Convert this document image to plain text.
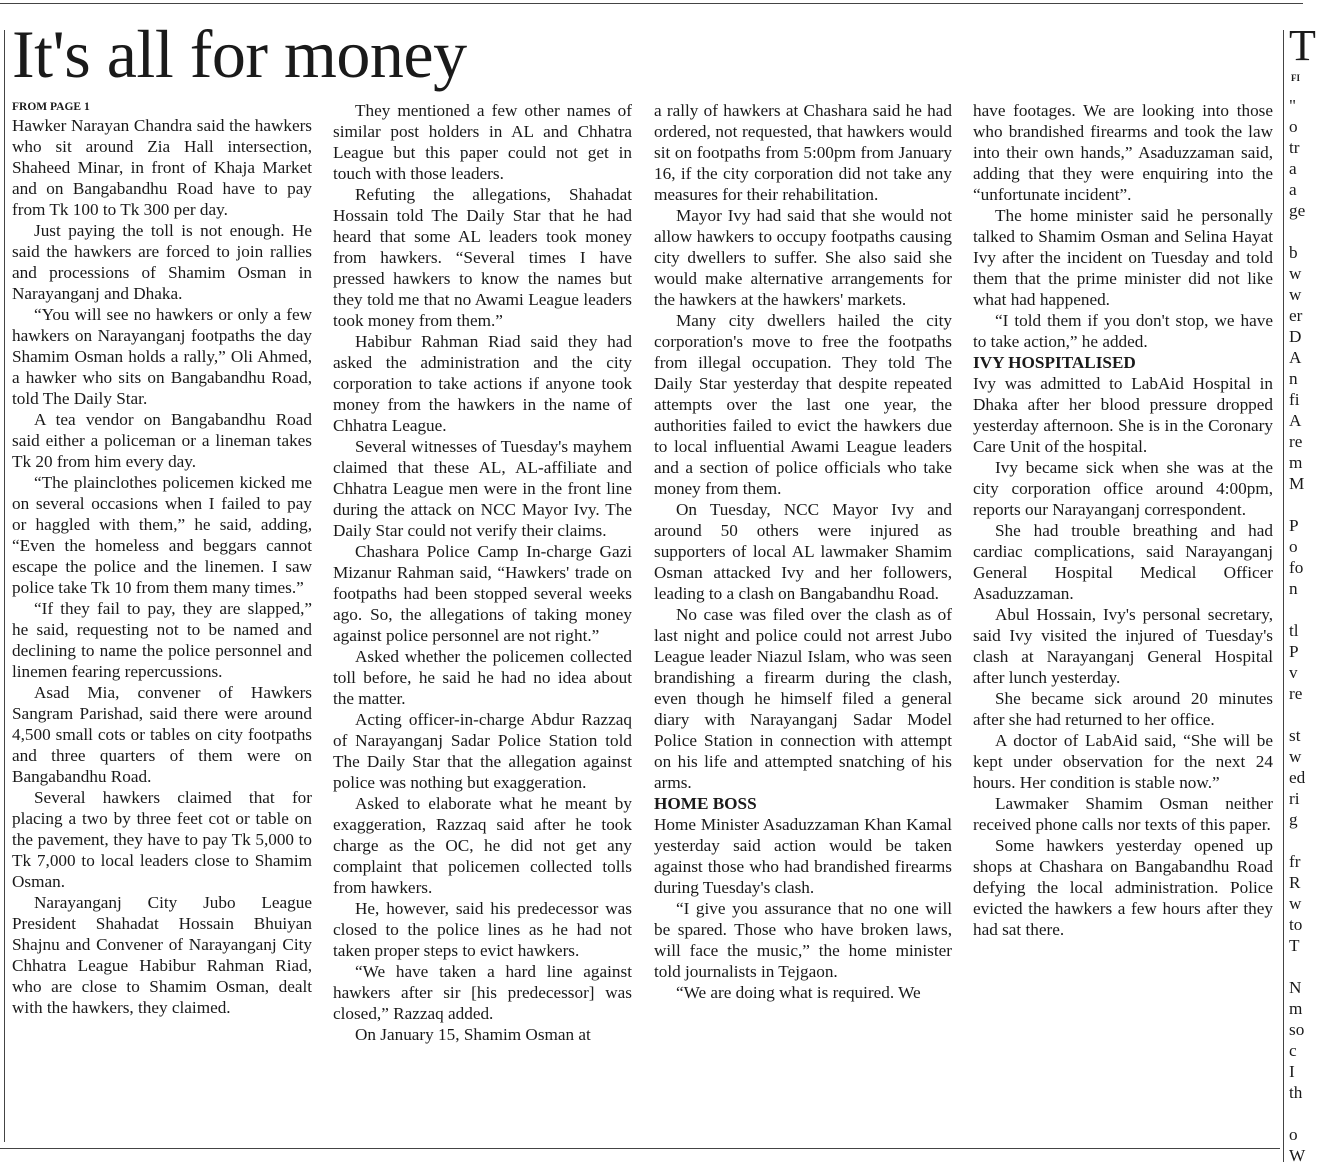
It's all for money
FROM PAGE 1

Hawker Narayan Chandra said the hawkers who sit around Zia Hall intersection, Shaheed Minar, in front of Khaja Market and on Bangabandhu Road have to pay from Tk 100 to Tk 300 per day.

Just paying the toll is not enough. He said the hawkers are forced to join rallies and processions of Shamim Osman in Narayanganj and Dhaka.

“You will see no hawkers or only a few hawkers on Narayanganj footpaths the day Shamim Osman holds a rally,” Oli Ahmed, a hawker who sits on Bangabandhu Road, told The Daily Star.

A tea vendor on Bangabandhu Road said either a policeman or a lineman takes Tk 20 from him every day.

“The plainclothes policemen kicked me on several occasions when I failed to pay or haggled with them,” he said, adding, “Even the homeless and beggars cannot escape the police and the linemen. I saw police take Tk 10 from them many times.”

“If they fail to pay, they are slapped,” he said, requesting not to be named and declining to name the police personnel and linemen fearing repercussions.

Asad Mia, convener of Hawkers Sangram Parishad, said there were around 4,500 small cots or tables on city footpaths and three quarters of them were on Bangabandhu Road.

Several hawkers claimed that for placing a two by three feet cot or table on the pavement, they have to pay Tk 5,000 to Tk 7,000 to local leaders close to Shamim Osman.

Narayanganj City Jubo League President Shahadat Hossain Bhuiyan Shajnu and Convener of Narayanganj City Chhatra League Habibur Rahman Riad, who are close to Shamim Osman, dealt with the hawkers, they claimed.

They mentioned a few other names of similar post holders in AL and Chhatra League but this paper could not get in touch with those leaders.

Refuting the allegations, Shahadat Hossain told The Daily Star that he had heard that some AL leaders took money from hawkers. “Several times I have pressed hawkers to know the names but they told me that no Awami League leaders took money from them.”

Habibur Rahman Riad said they had asked the administration and the city corporation to take actions if anyone took money from the hawkers in the name of Chhatra League.

Several witnesses of Tuesday's mayhem claimed that these AL, AL-affiliate and Chhatra League men were in the front line during the attack on NCC Mayor Ivy. The Daily Star could not verify their claims.

Chashara Police Camp In-charge Gazi Mizanur Rahman said, “Hawkers' trade on footpaths had been stopped several weeks ago. So, the allegations of taking money against police personnel are not right.”

Asked whether the policemen collected toll before, he said he had no idea about the matter.

Acting officer-in-charge Abdur Razzaq of Narayanganj Sadar Police Station told The Daily Star that the allegation against police was nothing but exaggeration.

Asked to elaborate what he meant by exaggeration, Razzaq said after he took charge as the OC, he did not get any complaint that policemen collected tolls from hawkers.

He, however, said his predecessor was closed to the police lines as he had not taken proper steps to evict hawkers.

“We have taken a hard line against hawkers after sir [his predecessor] was closed,” Razzaq added.

On January 15, Shamim Osman at

a rally of hawkers at Chashara said he had ordered, not requested, that hawkers would sit on footpaths from 5:00pm from January 16, if the city corporation did not take any measures for their rehabilitation.

Mayor Ivy had said that she would not allow hawkers to occupy footpaths causing city dwellers to suffer. She also said she would make alternative arrangements for the hawkers at the hawkers' markets.

Many city dwellers hailed the city corporation's move to free the footpaths from illegal occupation. They told The Daily Star yesterday that despite repeated attempts over the last one year, the authorities failed to evict the hawkers due to local influential Awami League leaders and a section of police officials who take money from them.

On Tuesday, NCC Mayor Ivy and around 50 others were injured as supporters of local AL lawmaker Shamim Osman attacked Ivy and her followers, leading to a clash on Bangabandhu Road.

No case was filed over the clash as of last night and police could not arrest Jubo League leader Niazul Islam, who was seen brandishing a firearm during the clash, even though he himself filed a general diary with Narayanganj Sadar Model Police Station in connection with attempt on his life and attempted snatching of his arms.

HOME BOSS

Home Minister Asaduzzaman Khan Kamal yesterday said action would be taken against those who had brandished firearms during Tuesday's clash.

“I give you assurance that no one will be spared. Those who have broken laws, will face the music,” the home minister told journalists in Tejgaon.

“We are doing what is required. We

have footages. We are looking into those who brandished firearms and took the law into their own hands,” Asaduzzaman said, adding that they were enquiring into the “unfortunate incident”.

The home minister said he personally talked to Shamim Osman and Selina Hayat Ivy after the incident on Tuesday and told them that the prime minister did not like what had happened.

“I told them if you don't stop, we have to take action,” he added.

IVY HOSPITALISED

Ivy was admitted to LabAid Hospital in Dhaka after her blood pressure dropped yesterday afternoon. She is in the Coronary Care Unit of the hospital.

Ivy became sick when she was at the city corporation office around 4:00pm, reports our Narayanganj correspondent.

She had trouble breathing and had cardiac complications, said Narayanganj General Hospital Medical Officer Asaduzzaman.

Abul Hossain, Ivy's personal secretary, said Ivy visited the injured of Tuesday's clash at Narayanganj General Hospital after lunch yesterday.

She became sick around 20 minutes after she had returned to her office.

A doctor of LabAid said, “She will be kept under observation for the next 24 hours. Her condition is stable now.”

Lawmaker Shamim Osman neither received phone calls nor texts of this paper.

Some hawkers yesterday opened up shops at Chashara on Bangabandhu Road defying the local administration. Police evicted the hawkers a few hours after they had sat there.

T
FI
"
o
tr
a
a
ge
b
w
w
er
D
A
n
fi
A
re
m
M
P
o
fo
n
tl
P
v
re
st
w
ed
ri
g
fr
R
w
to
T
N
m
so
c
I
th
o
W
